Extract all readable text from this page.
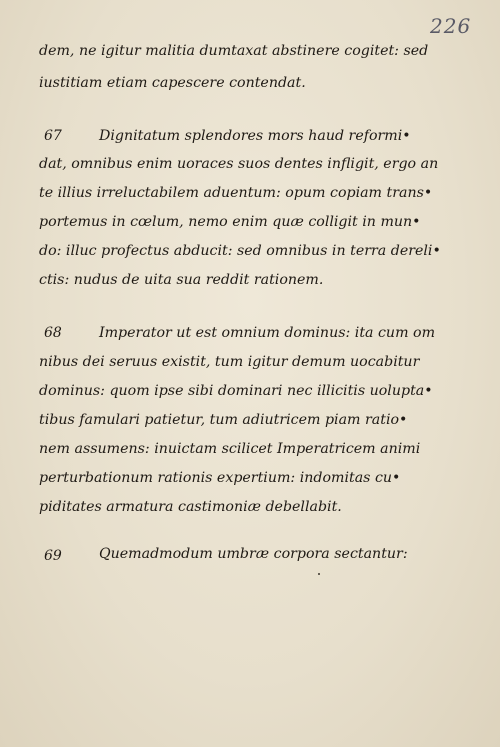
226
dem, ne igitur malitia dumtaxat abstinere cogitet: sed
iustitiam etiam capescere contendat.
67	Dignitatum splendores mors haud reformi•
dat, omnibus enim uoraces suos dentes infligit, ergo an
te illius irreluctabilem aduentum: opum copiam trans•
portemus in cœlum, nemo enim quæ colligit in mun•
do: illuc profectus abducit: sed omnibus in terra dereli•
ctis: nudus de uita sua reddit rationem.
68	Imperator ut est omnium dominus: ita cum om
nibus dei seruus existit, tum igitur demum uocabitur
dominus: quom ipse sibi dominari nec illicitis uolupta•
tibus famulari patietur, tum adiutricem piam ratio•
nem assumens: inuictam scilicet Imperatricem animi
perturbationum rationis expertium: indomitas cu•
piditates armatura castimoniæ debellabit.
69	Quemadmodum umbræ corpora sectantur:
